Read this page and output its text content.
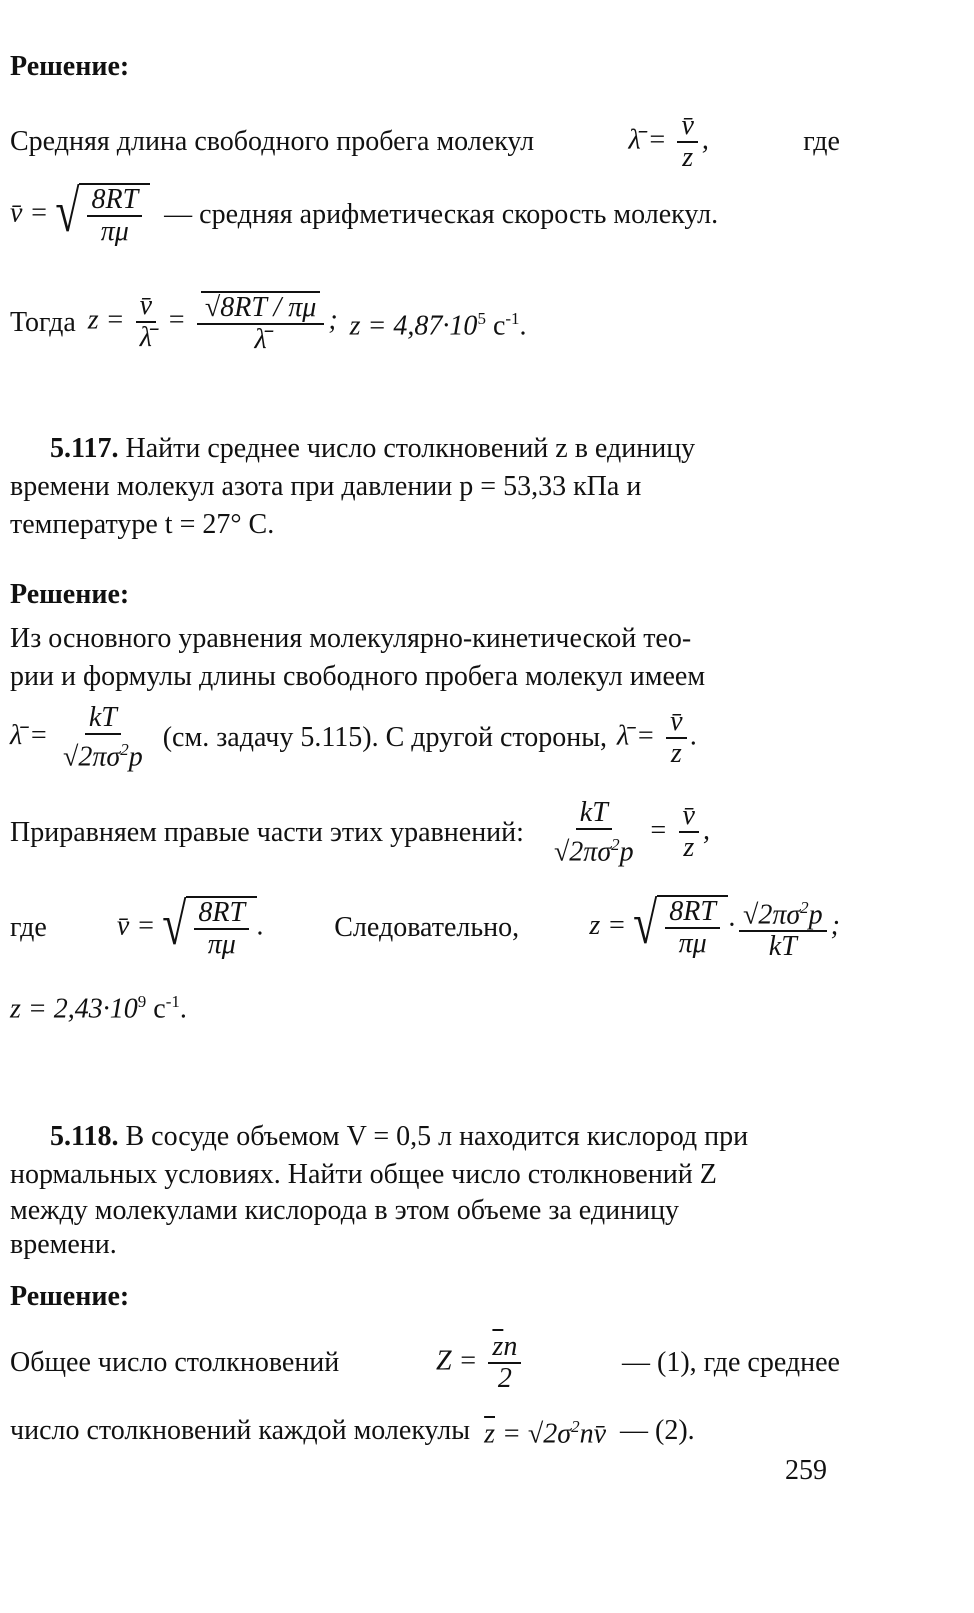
Решение:
Средняя длина свободного пробега молекул	λ̄ = $\frac{v̄}{z}$ ,	где
v̄ = √ $\frac{8RT}{\pi\mu}$ — средняя арифметическая скорость молекул.
Тогда $z = \frac{v̄}{\lambdā} = \frac{√8RT / \pi\mu}{\lambdā}$ ; $z = 4,87\cdot 10^5$ $с^{-1}$.
5.117. Найти среднее число столкновений z в единицу
времени молекул азота при давлении p = 53,33 кПа и
температуре t = 27° С.
Решение:
Из основного уравнения молекулярно-кинетической тео-
рии и формулы длины свободного пробега молекул имеем
λ̄ = $\frac{kT}{√2\pi\sigma^2p} (см$. задачу 5.115). С другой стороны, λ̄ = $\frac{v̄}{z}$ .
Приравняем правые части этих уравнений: $\frac{kT}{√2\pi\sigma^2p} = \frac{v̄}{z}$ ,
где	v̄ = √ $\frac{8RT}{\pi\mu}$ .	Следовательно,	z = √ $\frac{8RT}{\pi\mu} \cdot \frac{√2\pi\sigma^2p}{kT}$ ;
$z = 2,43\cdot 10^9$ $с^{-1}$.
5.118. В сосуде объемом V = 0,5 л находится кислород при
нормальных условиях. Найти общее число столкновений Z
между молекулами кислорода в этом объеме за единицу
времени.
Решение:
Общее число столкновений	$Z = \frac{\overline{z}n}{2}$	— (1), где среднее
число столкновений каждой молекулы $\overline{z}$ = $√2\sigma^2nv̄$ — (2).
259
